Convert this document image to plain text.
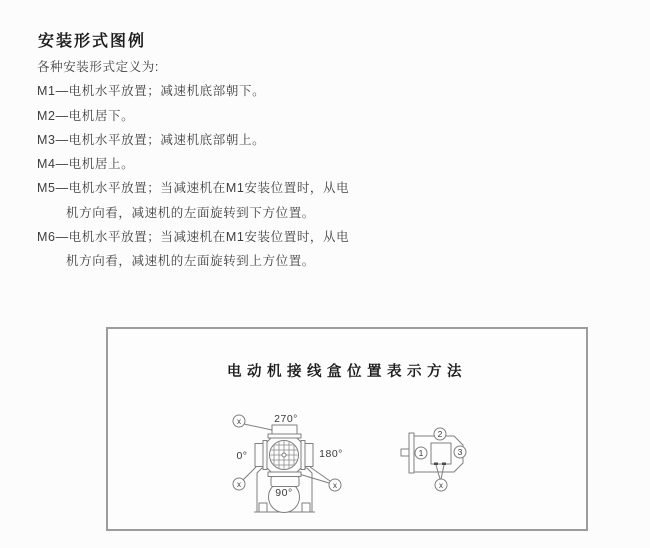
安装形式图例
各种安装形式定义为:
M1—电机水平放置；减速机底部朝下。
M2—电机居下。
M3—电机水平放置；减速机底部朝上。
M4—电机居上。
M5—电机水平放置；当减速机在M1安装位置时，从电
机方向看，减速机的左面旋转到下方位置。
M6—电机水平放置；当减速机在M1安装位置时，从电
机方向看，减速机的左面旋转到上方位置。
电动机接线盒位置表示方法
x
x	x
270°
0°	180°
90°
1
2
3
x
